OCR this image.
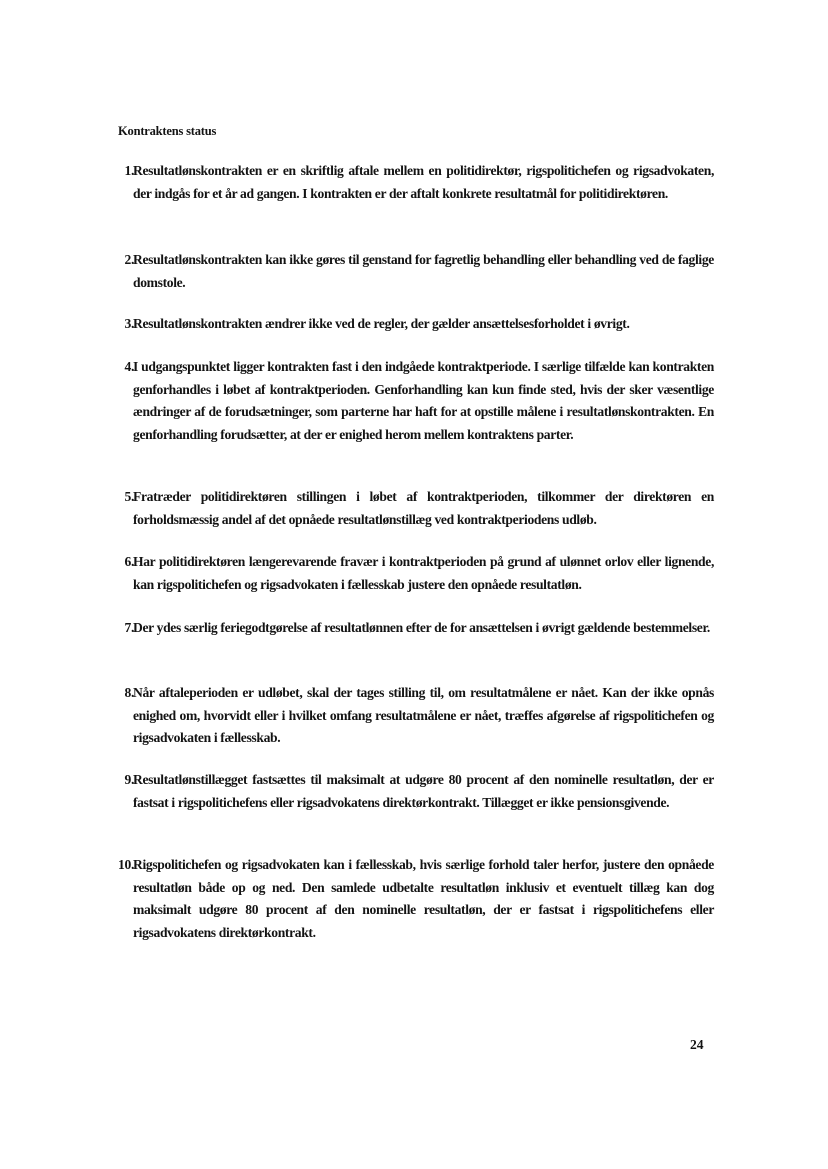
Kontraktens status
1. Resultatlønskontrakten er en skriftlig aftale mellem en politidirektør, rigspolitichefen og rigsadvokaten, der indgås for et år ad gangen. I kontrakten er der aftalt konkrete resultatmål for politidirektøren.
2. Resultatlønskontrakten kan ikke gøres til genstand for fagretlig behandling eller behandling ved de faglige domstole.
3. Resultatlønskontrakten ændrer ikke ved de regler, der gælder ansættelsesforholdet i øvrigt.
4. I udgangspunktet ligger kontrakten fast i den indgåede kontraktperiode. I særlige tilfælde kan kontrakten genforhandles i løbet af kontraktperioden. Genforhandling kan kun finde sted, hvis der sker væsentlige ændringer af de forudsætninger, som parterne har haft for at opstille målene i resultatlønskontrakten. En genforhandling forudsætter, at der er enighed herom mellem kontraktens parter.
5. Fratræder politidirektøren stillingen i løbet af kontraktperioden, tilkommer der direktøren en forholdsmæssig andel af det opnåede resultatlønstillæg ved kontraktperiodens udløb.
6. Har politidirektøren længerevarende fravær i kontraktperioden på grund af ulønnet orlov eller lignende, kan rigspolitichefen og rigsadvokaten i fællesskab justere den opnåede resultatløn.
7. Der ydes særlig feriegodtgørelse af resultatlønnen efter de for ansættelsen i øvrigt gældende bestemmelser.
8. Når aftaleperioden er udløbet, skal der tages stilling til, om resultatmålene er nået. Kan der ikke opnås enighed om, hvorvidt eller i hvilket omfang resultatmålene er nået, træffes afgørelse af rigspolitichefen og rigsadvokaten i fællesskab.
9. Resultatlønstillægget fastsættes til maksimalt at udgøre 80 procent af den nominelle resultatløn, der er fastsat i rigspolitichefens eller rigsadvokatens direktørkontrakt. Tillægget er ikke pensionsgivende.
10. Rigspolitichefen og rigsadvokaten kan i fællesskab, hvis særlige forhold taler herfor, justere den opnåede resultatløn både op og ned. Den samlede udbetalte resultatløn inklusiv et eventuelt tillæg kan dog maksimalt udgøre 80 procent af den nominelle resultatløn, der er fastsat i rigspolitichefens eller rigsadvokatens direktørkontrakt.
24
